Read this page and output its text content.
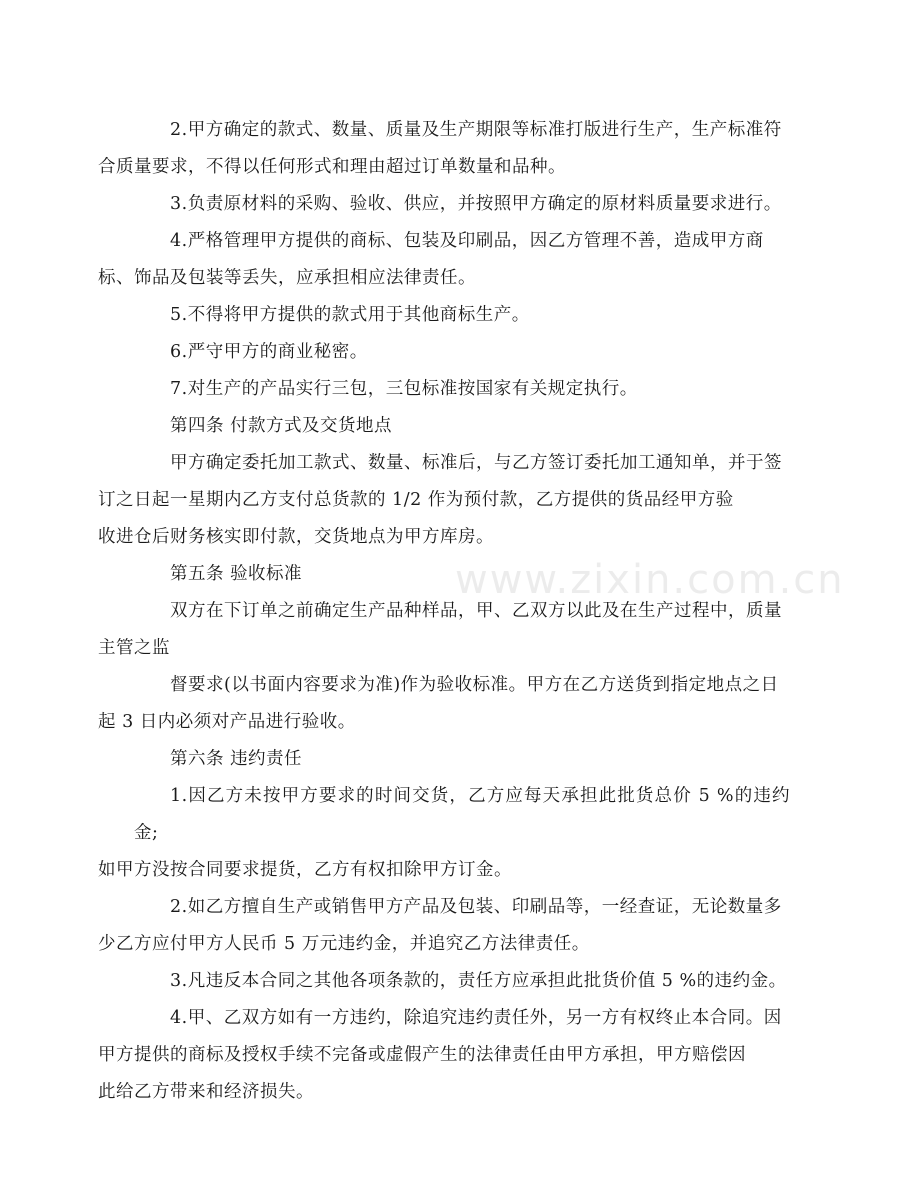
www.zixin.com.cn
2.甲方确定的款式、数量、质量及生产期限等标准打版进行生产，生产标准符
合质量要求，不得以任何形式和理由超过订单数量和品种。
3.负责原材料的采购、验收、供应，并按照甲方确定的原材料质量要求进行。
4.严格管理甲方提供的商标、包装及印刷品，因乙方管理不善，造成甲方商
标、饰品及包装等丢失，应承担相应法律责任。
5.不得将甲方提供的款式用于其他商标生产。
6.严守甲方的商业秘密。
7.对生产的产品实行三包，三包标准按国家有关规定执行。
第四条 付款方式及交货地点
甲方确定委托加工款式、数量、标准后，与乙方签订委托加工通知单，并于签
订之日起一星期内乙方支付总货款的 1/2 作为预付款，乙方提供的货品经甲方验
收进仓后财务核实即付款，交货地点为甲方库房。
第五条 验收标准
双方在下订单之前确定生产品种样品，甲、乙双方以此及在生产过程中，质量
主管之监
督要求(以书面内容要求为准)作为验收标准。甲方在乙方送货到指定地点之日
起 3 日内必须对产品进行验收。
第六条 违约责任
1.因乙方未按甲方要求的时间交货，乙方应每天承担此批货总价 5 %的违约金;
如甲方没按合同要求提货，乙方有权扣除甲方订金。
2.如乙方擅自生产或销售甲方产品及包装、印刷品等，一经查证，无论数量多
少乙方应付甲方人民币 5 万元违约金，并追究乙方法律责任。
3.凡违反本合同之其他各项条款的，责任方应承担此批货价值 5 %的违约金。
4.甲、乙双方如有一方违约，除追究违约责任外，另一方有权终止本合同。因
甲方提供的商标及授权手续不完备或虚假产生的法律责任由甲方承担，甲方赔偿因
此给乙方带来和经济损失。
